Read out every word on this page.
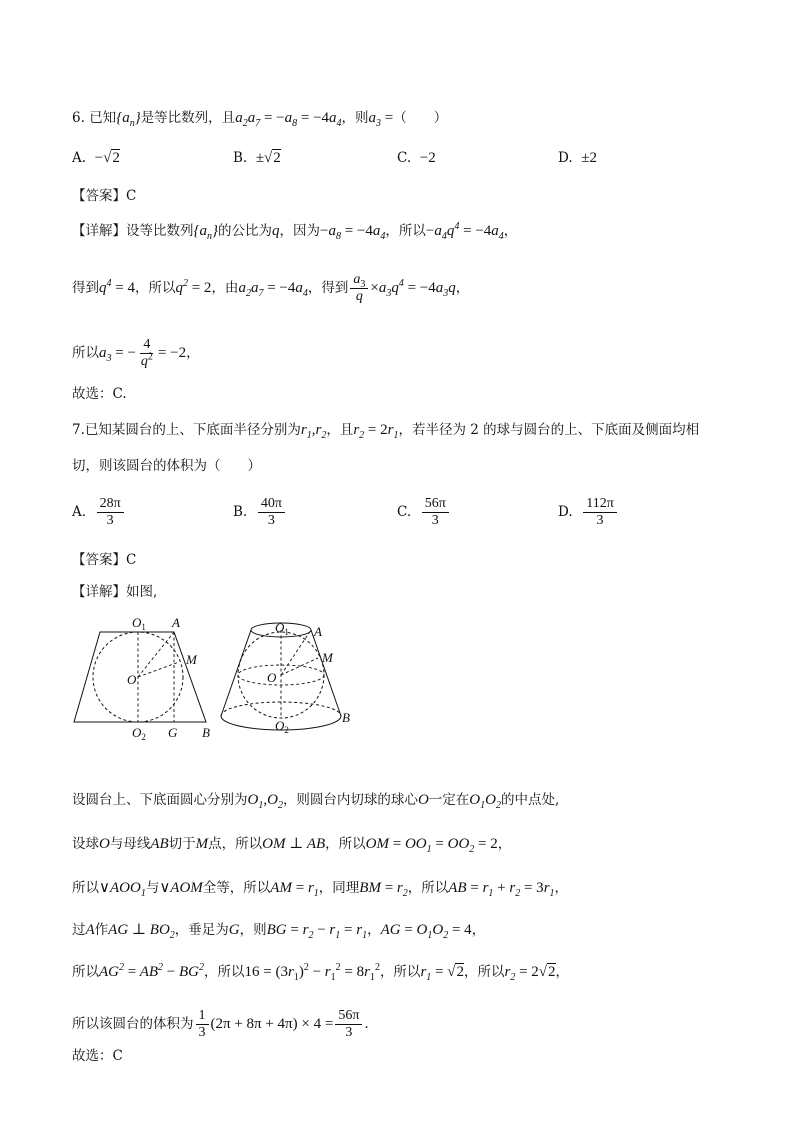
6. 已知$\{a_n\}$是等比数列，且$a_2a_7 = -a_8 = -4a_4$，则$a_3$ =（　　）
A. −√2	B. ±√2	C. −2	D. ±2
【答案】C
【详解】设等比数列$\{a_n\}$的公比为q，因为$-a_8 = -4a_4$，所以$-a_4q^4 = -4a_4$，
得到$q^4 = 4$，所以$q^2 = 2$，由$a_2a_7 = -4a_4$，得到 $\frac{a_3}{q} \times a_3q^4 = -4a_3q$，
所以$a_3$ = − $\frac{4}{q^2} = -2$，
故选：C.
7.已知某圆台的上、下底面半径分别为$r_1,r_2$，且$r_2 = 2r_1$，若半径为 2 的球与圆台的上、下底面及侧面均相
切，则该圆台的体积为（　　）
A. $\frac{28\pi}{3}$	B. $\frac{40\pi}{3}$	C. $\frac{56\pi}{3}$	D. $\frac{112\pi}{3}$
【答案】C
【详解】如图,
$O_1$ A
M
O
$O_2$ G B
$O_1$ A
M
O
$O_2$
B
设圆台上、下底面圆心分别为$O_1,O_2$，则圆台内切球的球心O一定在$O_1O_2$的中点处,
设球O与母线AB切于M点，所以OM ⊥ AB，所以OM = $OO_1 = OO_2 = 2$，
所以$\vee AOO_1$与∨AOM全等，所以AM = $r_1$，同理BM = $r_2$，所以AB = $r_1 + r_2 = 3r_1$，
过A作AG ⊥ $BO_2$，垂足为G，则BG = $r_2 - r_1 = r_1$，AG = $O_1O_2 = 4$，
所以$AG^2 = AB^2 - BG^2$，所以$16 = (3r_1)^2 - r_1^2 = 8r_1^2$，所以$r_1 = √2$，所以$r_2 = 2√2$，
所以该圆台的体积为 $\frac{1}{3} (2\pi + 8\pi + 4\pi) \times 4 = \frac{56\pi}{3}$ .
故选：C
